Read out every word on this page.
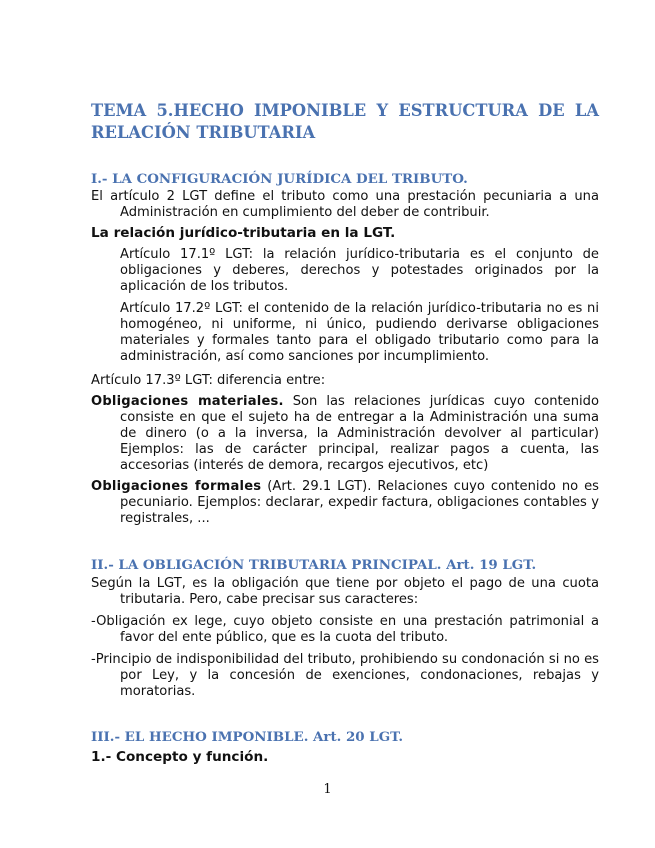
TEMA 5.HECHO IMPONIBLE Y ESTRUCTURA DE LA RELACIÓN TRIBUTARIA
I.- LA CONFIGURACIÓN JURÍDICA DEL TRIBUTO.

El artículo 2 LGT define el tributo como una prestación pecuniaria a una Administración en cumplimiento del deber de contribuir.

La relación jurídico-tributaria en la LGT.

Artículo 17.1º LGT: la relación jurídico-tributaria es el conjunto de obligaciones y deberes, derechos y potestades originados por la aplicación de los tributos.

Artículo 17.2º LGT: el contenido de la relación jurídico-tributaria no es ni homogéneo, ni uniforme, ni único, pudiendo derivarse obligaciones materiales y formales tanto para el obligado tributario como para la administración, así como sanciones por incumplimiento.

Artículo 17.3º LGT: diferencia entre:

Obligaciones materiales. Son las relaciones jurídicas cuyo contenido consiste en que el sujeto ha de entregar a la Administración una suma de dinero (o a la inversa, la Administración devolver al particular) Ejemplos: las de carácter principal, realizar pagos a cuenta, las accesorias (interés de demora, recargos ejecutivos, etc)

Obligaciones formales (Art. 29.1 LGT). Relaciones cuyo contenido no es pecuniario. Ejemplos: declarar, expedir factura, obligaciones contables y registrales, ...

II.- LA OBLIGACIÓN TRIBUTARIA PRINCIPAL. Art. 19 LGT.

Según la LGT, es la obligación que tiene por objeto el pago de una cuota tributaria. Pero, cabe precisar sus caracteres:

-Obligación ex lege, cuyo objeto consiste en una prestación patrimonial a favor del ente público, que es la cuota del tributo.

-Principio de indisponibilidad del tributo, prohibiendo su condonación si no es por Ley, y la concesión de exenciones, condonaciones, rebajas y moratorias.

III.- EL HECHO IMPONIBLE. Art. 20 LGT.

1.- Concepto y función.

1
